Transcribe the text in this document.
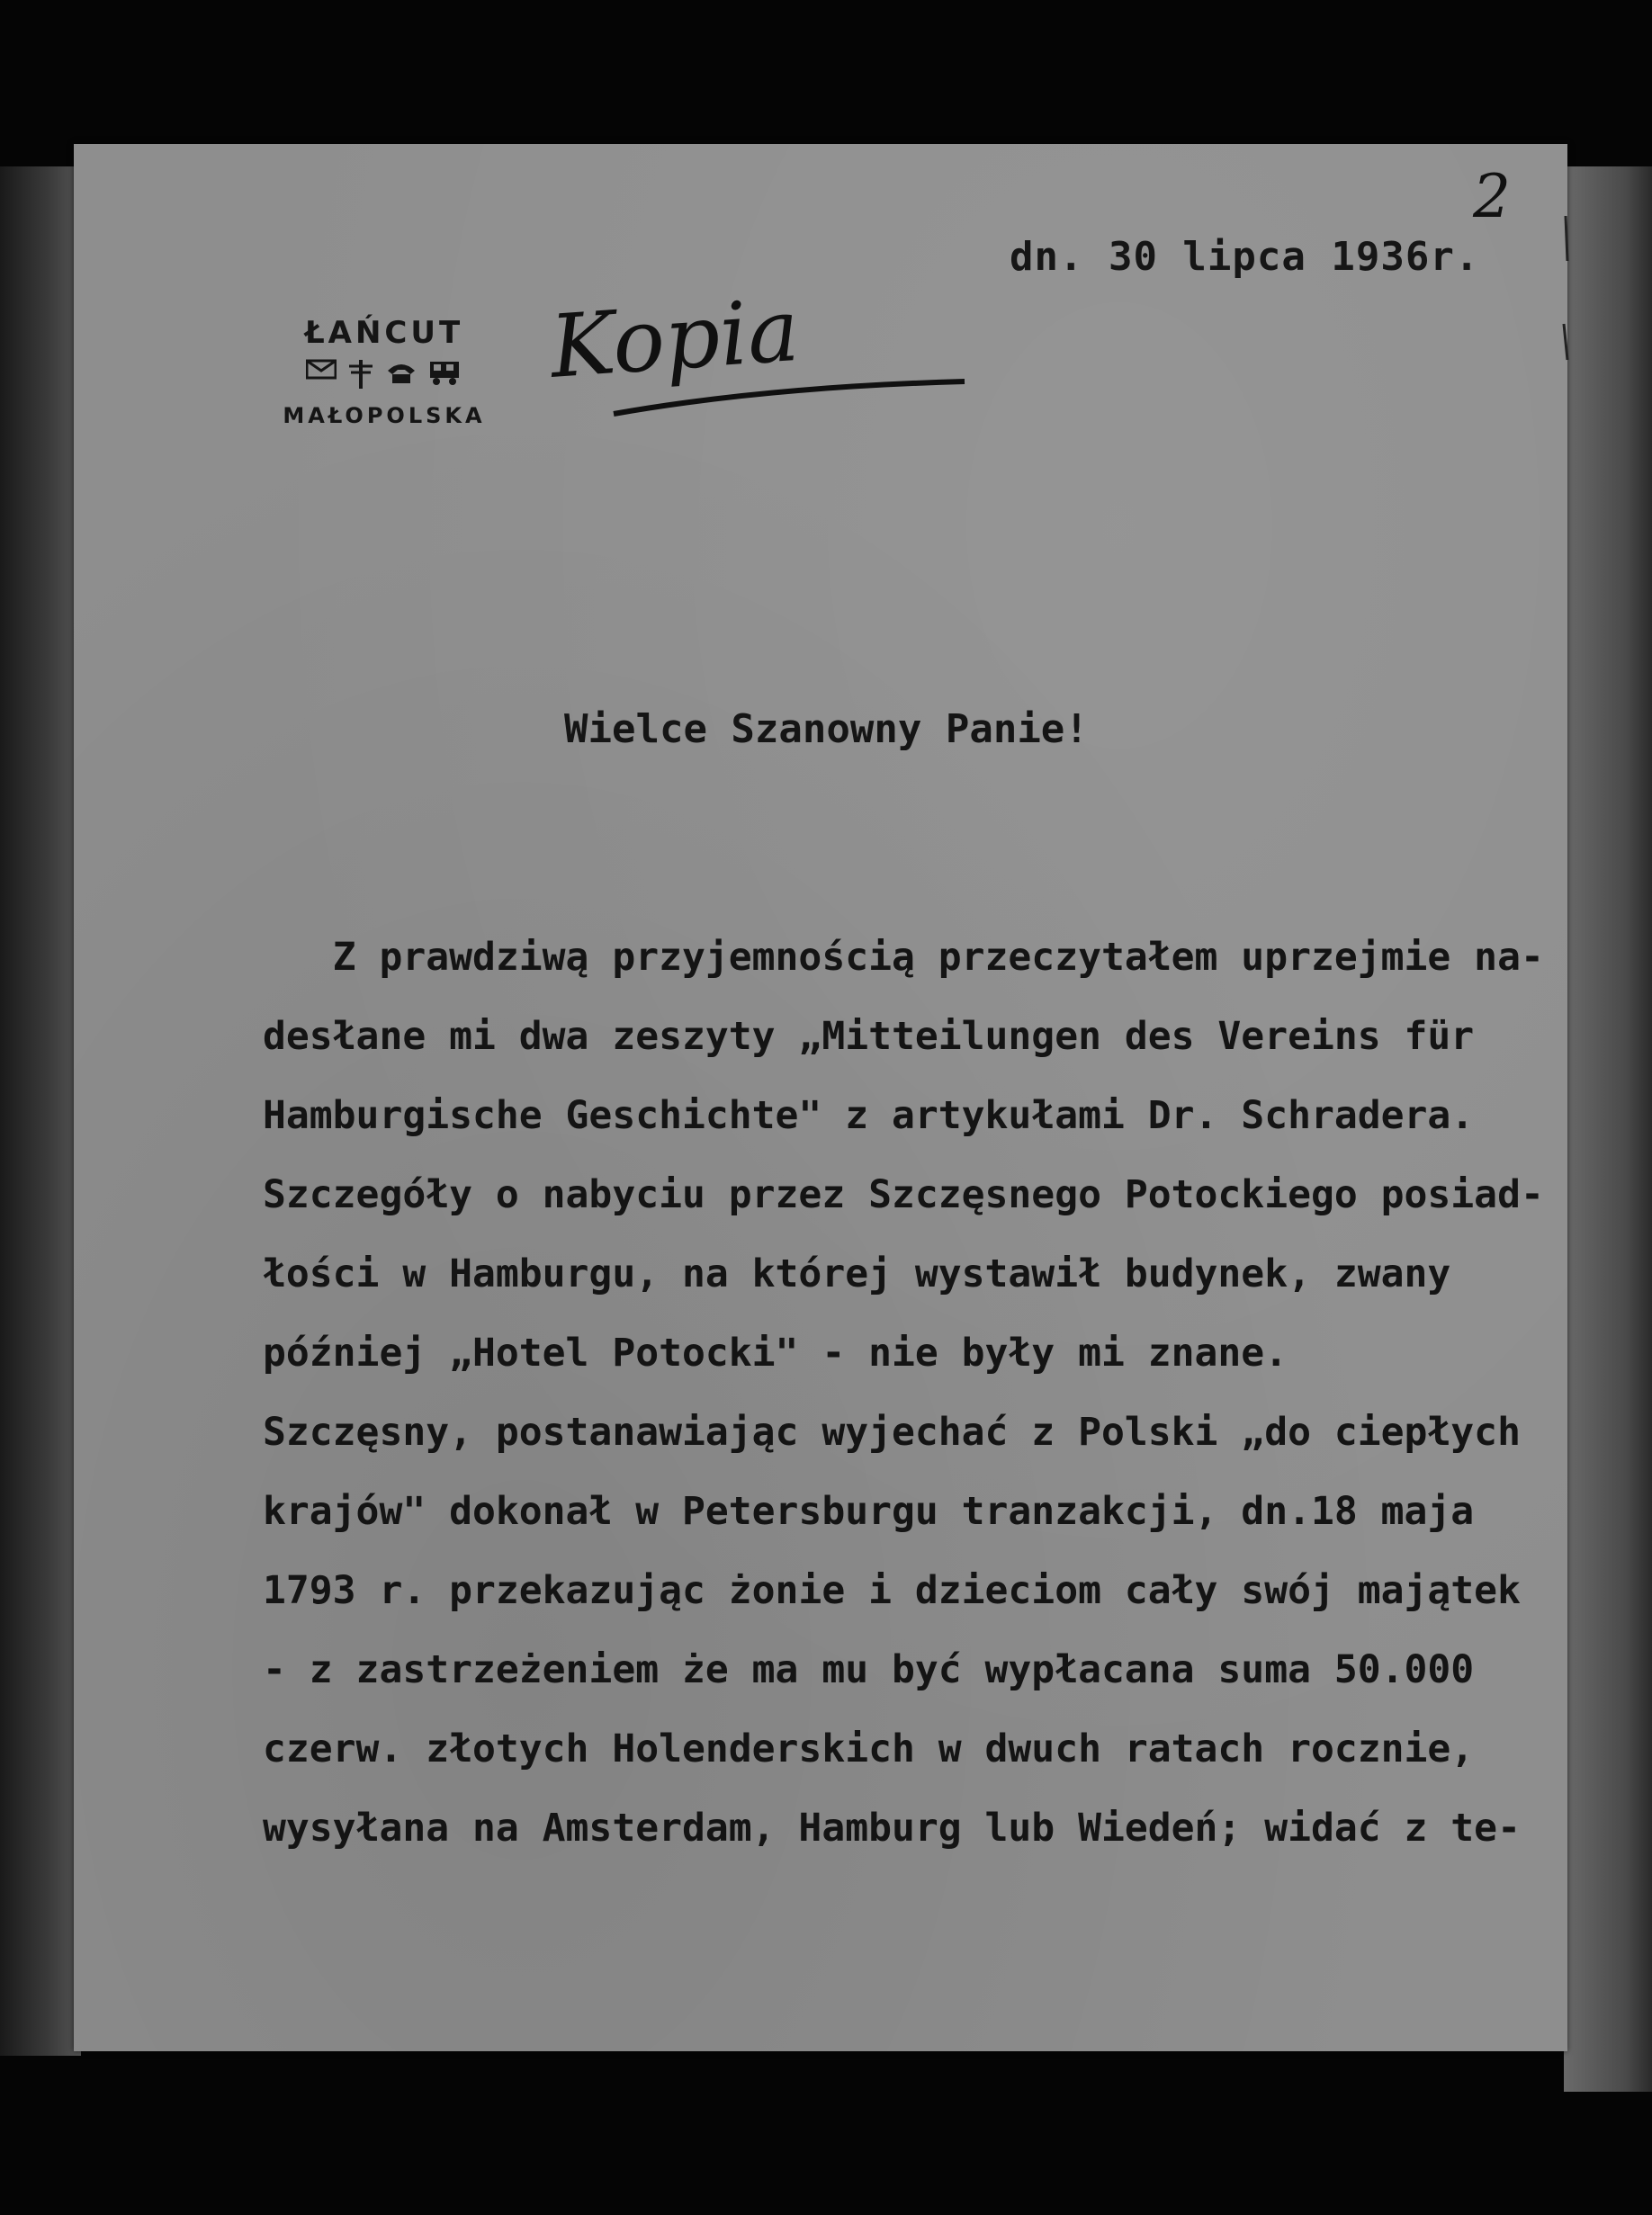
2
dn. 30 lipca 1936r.
ŁAŃCUT
MAŁOPOLSKA
Kopia
Wielce Szanowny Panie!
Z prawdziwą przyjemnością przeczytałem uprzejmie na-
desłane mi dwa zeszyty „Mitteilungen des Vereins für
Hamburgische Geschichte" z artykułami Dr. Schradera.
Szczegóły o nabyciu przez Szczęsnego Potockiego posiad-
łości w Hamburgu, na której wystawił budynek, zwany
później „Hotel Potocki" - nie były mi znane.
Szczęsny, postanawiając wyjechać z Polski „do ciepłych
krajów" dokonał w Petersburgu tranzakcji, dn.18 maja
1793 r. przekazując żonie i dzieciom cały swój majątek
- z zastrzeżeniem że ma mu być wypłacana suma 50.000
czerw. złotych Holenderskich w dwuch ratach rocznie,
wysyłana na Amsterdam, Hamburg lub Wiedeń; widać z te-
